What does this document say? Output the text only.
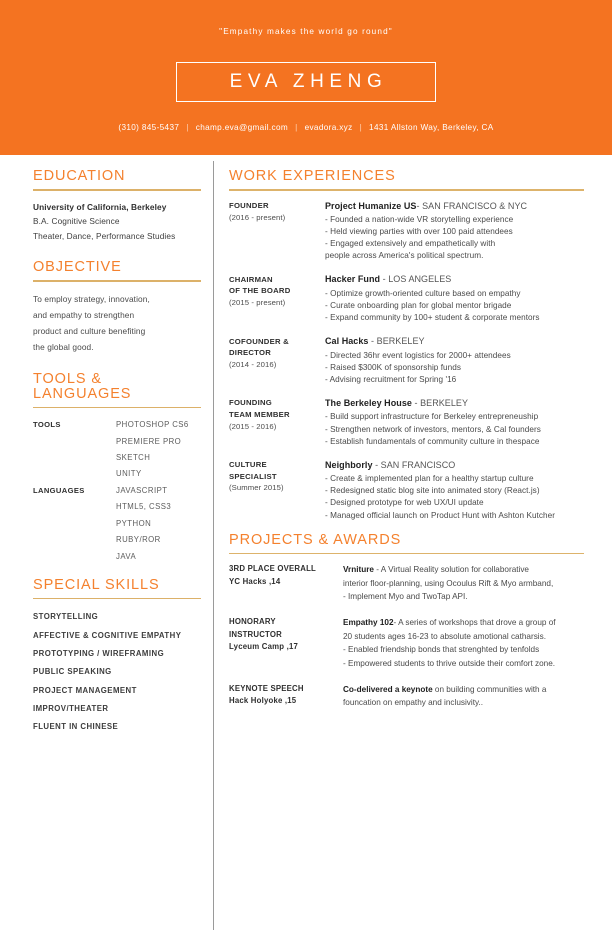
"Empathy makes the world go round"
EVA ZHENG
(310) 845-5437 | champ.eva@gmail.com | evadora.xyz | 1431 Allston Way, Berkeley, CA
EDUCATION
University of California, Berkeley
B.A. Cognitive Science
Theater, Dance, Performance Studies
OBJECTIVE
To employ strategy, innovation,
and empathy to strengthen
product and culture benefiting
the global good.
TOOLS & LANGUAGES
TOOLS	PHOTOSHOP CS6
PREMIERE PRO
SKETCH
UNITY
LANGUAGES	JAVASCRIPT
HTML5, CSS3
PYTHON
RUBY/ROR
JAVA
SPECIAL SKILLS
STORYTELLING
AFFECTIVE & COGNITIVE EMPATHY
PROTOTYPING / WIREFRAMING
PUBLIC SPEAKING
PROJECT MANAGEMENT
IMPROV/THEATER
FLUENT IN CHINESE
WORK EXPERIENCES
FOUNDER
(2016 - present)
Project Humanize US- SAN FRANCISCO & NYC
- Founded a nation-wide VR storytelling experience
- Held viewing parties with over 100 paid attendees
- Engaged extensively and empathetically with
people across America's political spectrum.
CHAIRMAN
OF THE BOARD
(2015 - present)
Hacker Fund - LOS ANGELES
- Optimize growth-oriented culture based on empathy
- Curate onboarding plan for global mentor brigade
- Expand community by 100+ student & corporate mentors
COFOUNDER &
DIRECTOR
(2014 - 2016)
Cal Hacks - BERKELEY
- Directed 36hr event logistics for 2000+ attendees
- Raised $300K of sponsorship funds
- Advising recruitment for Spring '16
FOUNDING
TEAM MEMBER
(2015 - 2016)
The Berkeley House - BERKELEY
- Build support infrastructure for Berkeley entrepreneuship
- Strengthen network of investors, mentors, & Cal founders
- Establish fundamentals of community culture in thespace
CULTURE
SPECIALIST
(Summer 2015)
Neighborly - SAN FRANCISCO
- Create & implemented plan for a healthy startup culture
- Redesigned static blog site into animated story (React.js)
- Designed prototype for web UX/UI update
- Managed official launch on Product Hunt with Ashton Kutcher
PROJECTS & AWARDS
3RD PLACE OVERALL
YC Hacks ,14
Vrniture - A Virtual Reality solution for collaborative
interior floor-planning, using Ocoulus Rift & Myo armband,
- Implement Myo and TwoTap API.
HONORARY
INSTRUCTOR
Lyceum Camp ,17
Empathy 102- A series of workshops that drove a group of
20 students ages 16-23 to absolute amotional catharsis.
- Enabled friendship bonds that strenghted by tenfolds
- Empowered students to thrive outside their comfort zone.
KEYNOTE SPEECH
Hack Holyoke ,15
Co-delivered a keynote on building communities with a
founcation on empathy and inclusivity..
